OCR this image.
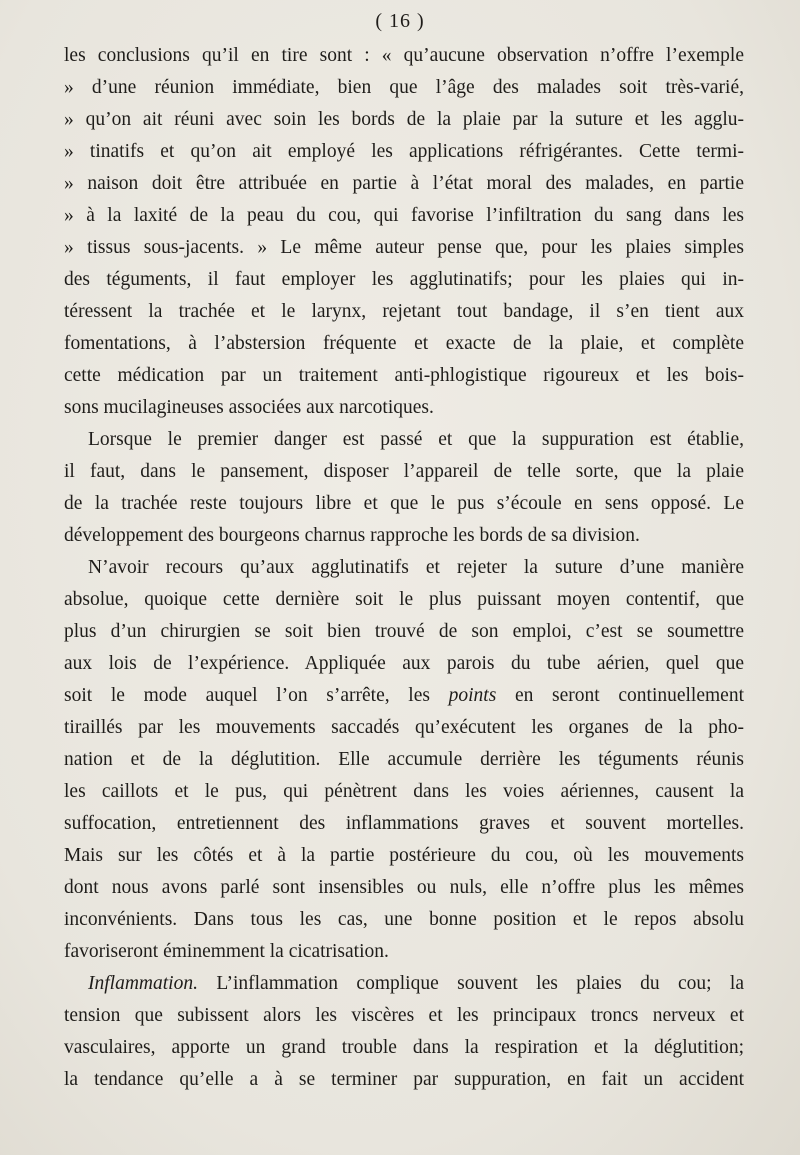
( 16 )
les conclusions qu’il en tire sont : « qu’aucune observation n’offre l’exemple
» d’une réunion immédiate, bien que l’âge des malades soit très-varié,
» qu’on ait réuni avec soin les bords de la plaie par la suture et les agglu-
» tinatifs et qu’on ait employé les applications réfrigérantes. Cette termi-
» naison doit être attribuée en partie à l’état moral des malades, en partie
» à la laxité de la peau du cou, qui favorise l’infiltration du sang dans les
» tissus sous-jacents. » Le même auteur pense que, pour les plaies simples
des téguments, il faut employer les agglutinatifs; pour les plaies qui in-
téressent la trachée et le larynx, rejetant tout bandage, il s’en tient aux
fomentations, à l’abstersion fréquente et exacte de la plaie, et complète
cette médication par un traitement anti-phlogistique rigoureux et les bois-
sons mucilagineuses associées aux narcotiques.
Lorsque le premier danger est passé et que la suppuration est établie,
il faut, dans le pansement, disposer l’appareil de telle sorte, que la plaie
de la trachée reste toujours libre et que le pus s’écoule en sens opposé. Le
développement des bourgeons charnus rapproche les bords de sa division.
N’avoir recours qu’aux agglutinatifs et rejeter la suture d’une manière
absolue, quoique cette dernière soit le plus puissant moyen contentif, que
plus d’un chirurgien se soit bien trouvé de son emploi, c’est se soumettre
aux lois de l’expérience. Appliquée aux parois du tube aérien, quel que
soit le mode auquel l’on s’arrête, les points en seront continuellement
tiraillés par les mouvements saccadés qu’exécutent les organes de la pho-
nation et de la déglutition. Elle accumule derrière les téguments réunis
les caillots et le pus, qui pénètrent dans les voies aériennes, causent la
suffocation, entretiennent des inflammations graves et souvent mortelles.
Mais sur les côtés et à la partie postérieure du cou, où les mouvements
dont nous avons parlé sont insensibles ou nuls, elle n’offre plus les mêmes
inconvénients. Dans tous les cas, une bonne position et le repos absolu
favoriseront éminemment la cicatrisation.
Inflammation. L’inflammation complique souvent les plaies du cou; la
tension que subissent alors les viscères et les principaux troncs nerveux et
vasculaires, apporte un grand trouble dans la respiration et la déglutition;
la tendance qu’elle a à se terminer par suppuration, en fait un accident
